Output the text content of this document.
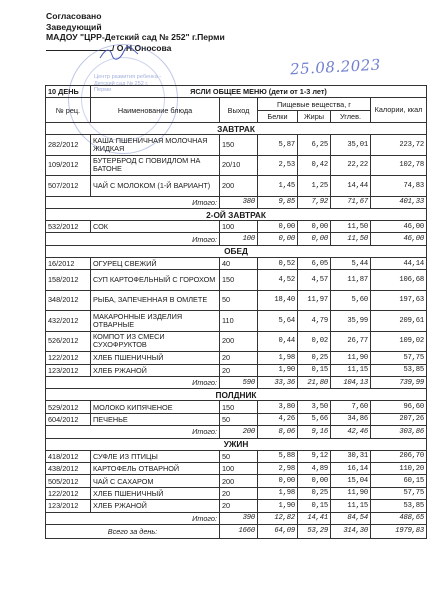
Согласовано
Заведующий
МАДОУ "ЦРР-Детский сад № 252" г.Перми
/ О.Н.Оносова
Центр развития ребенка - Детский сад № 252 г. Перми
25.08.2023
10 ДЕНЬ	ЯСЛИ ОБЩЕЕ МЕНЮ (дети от 1-3 лет)					
№ рец.	Наименование блюда	Выход	Пищевые вещества, г			Калории, ккал
			Белки	Жиры	Углев.	
ЗАВТРАК						
282/2012	КАША ПШЕНИЧНАЯ МОЛОЧНАЯ ЖИДКАЯ	150	5,87	6,25	35,01	223,72
109/2012	БУТЕРБРОД С ПОВИДЛОМ НА БАТОНЕ	20/10	2,53	0,42	22,22	102,78
507/2012	ЧАЙ С МОЛОКОМ (1-Й ВАРИАНТ)	200	1,45	1,25	14,44	74,83
Итого:		380	9,85	7,92	71,67	401,33
2-ОЙ ЗАВТРАК						
532/2012	СОК	100	0,00	0,00	11,50	46,00
Итого:		100	0,00	0,00	11,50	46,00
ОБЕД						
16/2012	ОГУРЕЦ СВЕЖИЙ	40	0,52	6,05	5,44	44,14
158/2012	СУП КАРТОФЕЛЬНЫЙ С ГОРОХОМ	150	4,52	4,57	11,87	106,68
348/2012	РЫБА, ЗАПЕЧЕННАЯ В ОМЛЕТЕ	50	18,40	11,97	5,60	197,63
432/2012	МАКАРОННЫЕ ИЗДЕЛИЯ ОТВАРНЫЕ	110	5,64	4,79	35,99	209,61
526/2012	КОМПОТ ИЗ СМЕСИ СУХОФРУКТОВ	200	0,44	0,02	26,77	109,02
122/2012	ХЛЕБ ПШЕНИЧНЫЙ	20	1,98	0,25	11,90	57,75
123/2012	ХЛЕБ РЖАНОЙ	20	1,90	0,15	11,15	53,85
Итого:		590	33,36	21,80	104,13	739,99
ПОЛДНИК						
529/2012	МОЛОКО КИПЯЧЕНОЕ	150	3,80	3,50	7,60	96,60
604/2012	ПЕЧЕНЬЕ	50	4,26	5,66	34,86	207,26
Итого:		200	8,06	9,16	42,46	303,86
УЖИН						
418/2012	СУФЛЕ ИЗ ПТИЦЫ	50	5,88	9,12	30,31	206,70
438/2012	КАРТОФЕЛЬ ОТВАРНОЙ	100	2,98	4,89	16,14	110,20
505/2012	ЧАЙ С САХАРОМ	200	0,00	0,00	15,04	60,15
122/2012	ХЛЕБ ПШЕНИЧНЫЙ	20	1,98	0,25	11,90	57,75
123/2012	ХЛЕБ РЖАНОЙ	20	1,90	0,15	11,15	53,85
Итого:		390	12,82	14,41	84,54	488,65
Всего за день:		1660	64,09	53,29	314,30	1979,83
